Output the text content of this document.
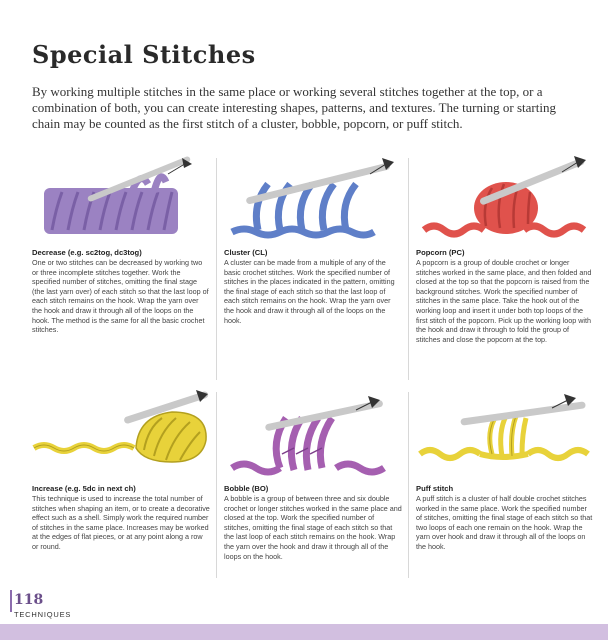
Special Stitches

By working multiple stitches in the same place or working several stitches together at the top, or a combination of both, you can create interesting shapes, patterns, and textures. The turning or starting chain may be counted as the first stitch of a cluster, bobble, popcorn, or puff stitch.

Decrease (e.g. sc2tog, dc3tog)
One or two stitches can be decreased by working two or three incomplete stitches together. Work the specified number of stitches, omitting the final stage (the last yarn over) of each stitch so that the last loop of each stitch remains on the hook. Wrap the yarn over the hook and draw it through all of the loops on the hook. The method is the same for all the basic crochet stitches.
Cluster (CL)
A cluster can be made from a multiple of any of the basic crochet stitches. Work the specified number of stitches in the places indicated in the pattern, omitting the final stage of each stitch so that the last loop of each stitch remains on the hook. Wrap the yarn over the hook and draw it through all of the loops on the hook.
Popcorn (PC)
A popcorn is a group of double crochet or longer stitches worked in the same place, and then folded and closed at the top so that the popcorn is raised from the background stitches. Work the specified number of stitches in the same place. Take the hook out of the working loop and insert it under both top loops of the first stitch of the popcorn. Pick up the working loop with the hook and draw it through to fold the group of stitches and close the popcorn at the top.
Increase (e.g. 5dc in next ch)
This technique is used to increase the total number of stitches when shaping an item, or to create a decorative effect such as a shell. Simply work the required number of stitches in the same place. Increases may be worked at the edges of flat pieces, or at any point along a row or round.
Bobble (BO)
A bobble is a group of between three and six double crochet or longer stitches worked in the same place and closed at the top. Work the specified number of stitches, omitting the final stage of each stitch so that the last loop of each stitch remains on the hook. Wrap the yarn over the hook and draw it through all of the loops on the hook.
Puff stitch
A puff stitch is a cluster of half double crochet stitches worked in the same place. Work the specified number of stitches, omitting the final stage of each stitch so that two loops of each one remain on the hook. Wrap the yarn over hook and draw it through all of the loops on the hook.
118
TECHNIQUES
